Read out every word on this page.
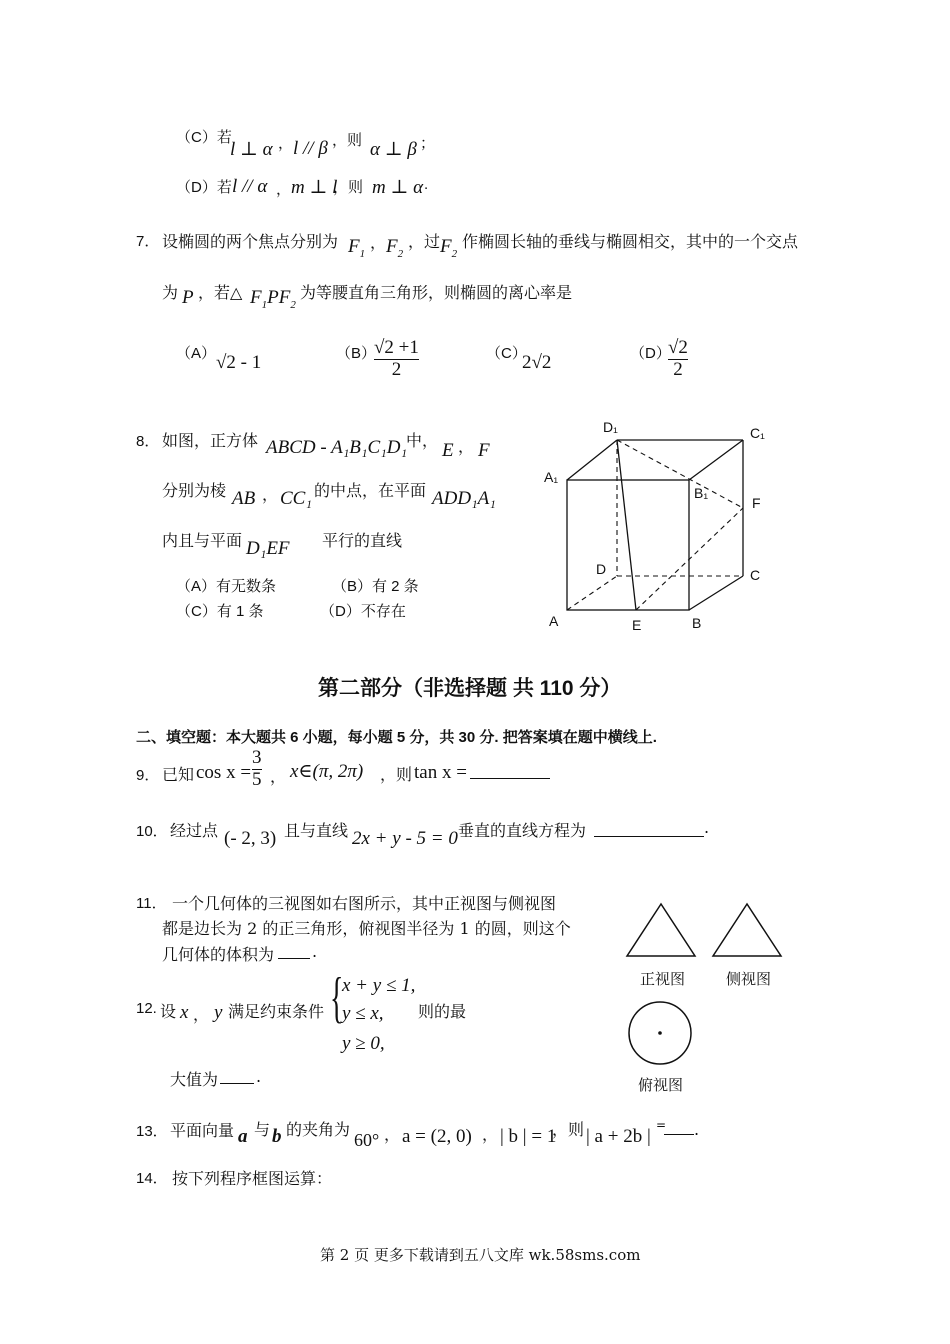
（C）若
l ⊥ α ， l // β ，则 α ⊥ β ；
（D）若 l // α ， m ⊥ l
，则 m ⊥ α .
7． 设椭圆的两个焦点分别为 $F_1$
， $F_2$
，过 $F_2$
作椭圆长轴的垂线与椭圆相交，其中的一个交点
为 P ，若△ $F_1PF_2$
为等腰直角三角形，则椭圆的离心率是
（A） √2 - 1	（B）
√2 +1
2
（C）
2√2	（D）
√2
2
8． 如图，正方体 ABCD - A₁B₁C₁D₁
中， E ， F
分别为棱 AB ， CC₁ 的中点，在平面 ADD₁A₁
内且与平面 D₁EF 平行的直线
（A）有无数条	（B）有 2 条
（C）有 1 条	（D）不存在
D₁	C₁
A₁
B₁
F
D	C
A	E	B
第二部分（非选择题 共 110 分）
二、填空题：本大题共 6 小题，每小题 5 分，共 30 分. 把答案填在题中横线上.
9． 已知 cos x =
3
5 ， x∈(π, 2π) ，则 tan x =
10． 经过点 (- 2, 3) 且与直线 2x + y - 5 = 0 垂直的直线方程为	.
11． 一个几何体的三视图如右图所示，其中正视图与侧视图
都是边长为 2 的正三角形，俯视图半径为 1 的圆，则这个
几何体的体积为 .
正视图	侧视图
俯视图
12. 设 x ， y 满足约束条件 {
x + y ≤ 1,
y ≤ x,
y ≥ 0,
则的最
大值为 .
13． 平面向量 a 与 b 的夹角为
60° ， a = (2, 0) ， | b | = 1
，则 | a + 2b |
= .
14． 按下列程序框图运算：
第 2 页 更多下载请到五八文库 wk.58sms.com
